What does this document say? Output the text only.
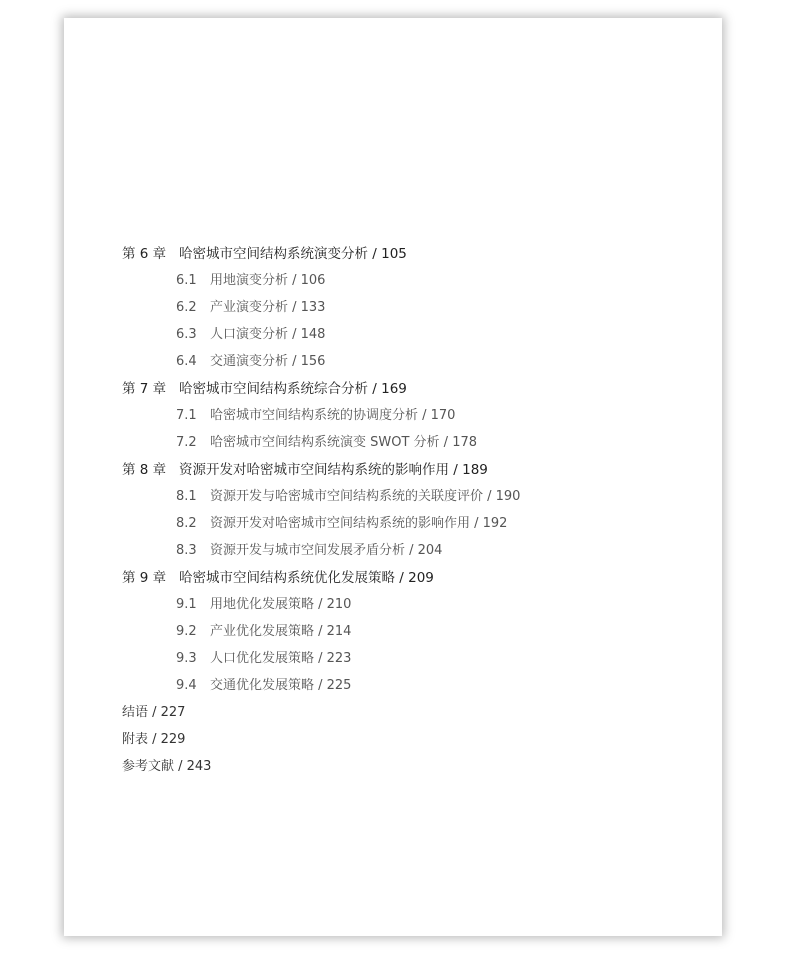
第 6 章 哈密城市空间结构系统演变分析 / 105
6.1 用地演变分析 / 106
6.2 产业演变分析 / 133
6.3 人口演变分析 / 148
6.4 交通演变分析 / 156
第 7 章 哈密城市空间结构系统综合分析 / 169
7.1 哈密城市空间结构系统的协调度分析 / 170
7.2 哈密城市空间结构系统演变 SWOT 分析 / 178
第 8 章 资源开发对哈密城市空间结构系统的影响作用 / 189
8.1 资源开发与哈密城市空间结构系统的关联度评价 / 190
8.2 资源开发对哈密城市空间结构系统的影响作用 / 192
8.3 资源开发与城市空间发展矛盾分析 / 204
第 9 章 哈密城市空间结构系统优化发展策略 / 209
9.1 用地优化发展策略 / 210
9.2 产业优化发展策略 / 214
9.3 人口优化发展策略 / 223
9.4 交通优化发展策略 / 225
结语 / 227
附表 / 229
参考文献 / 243
